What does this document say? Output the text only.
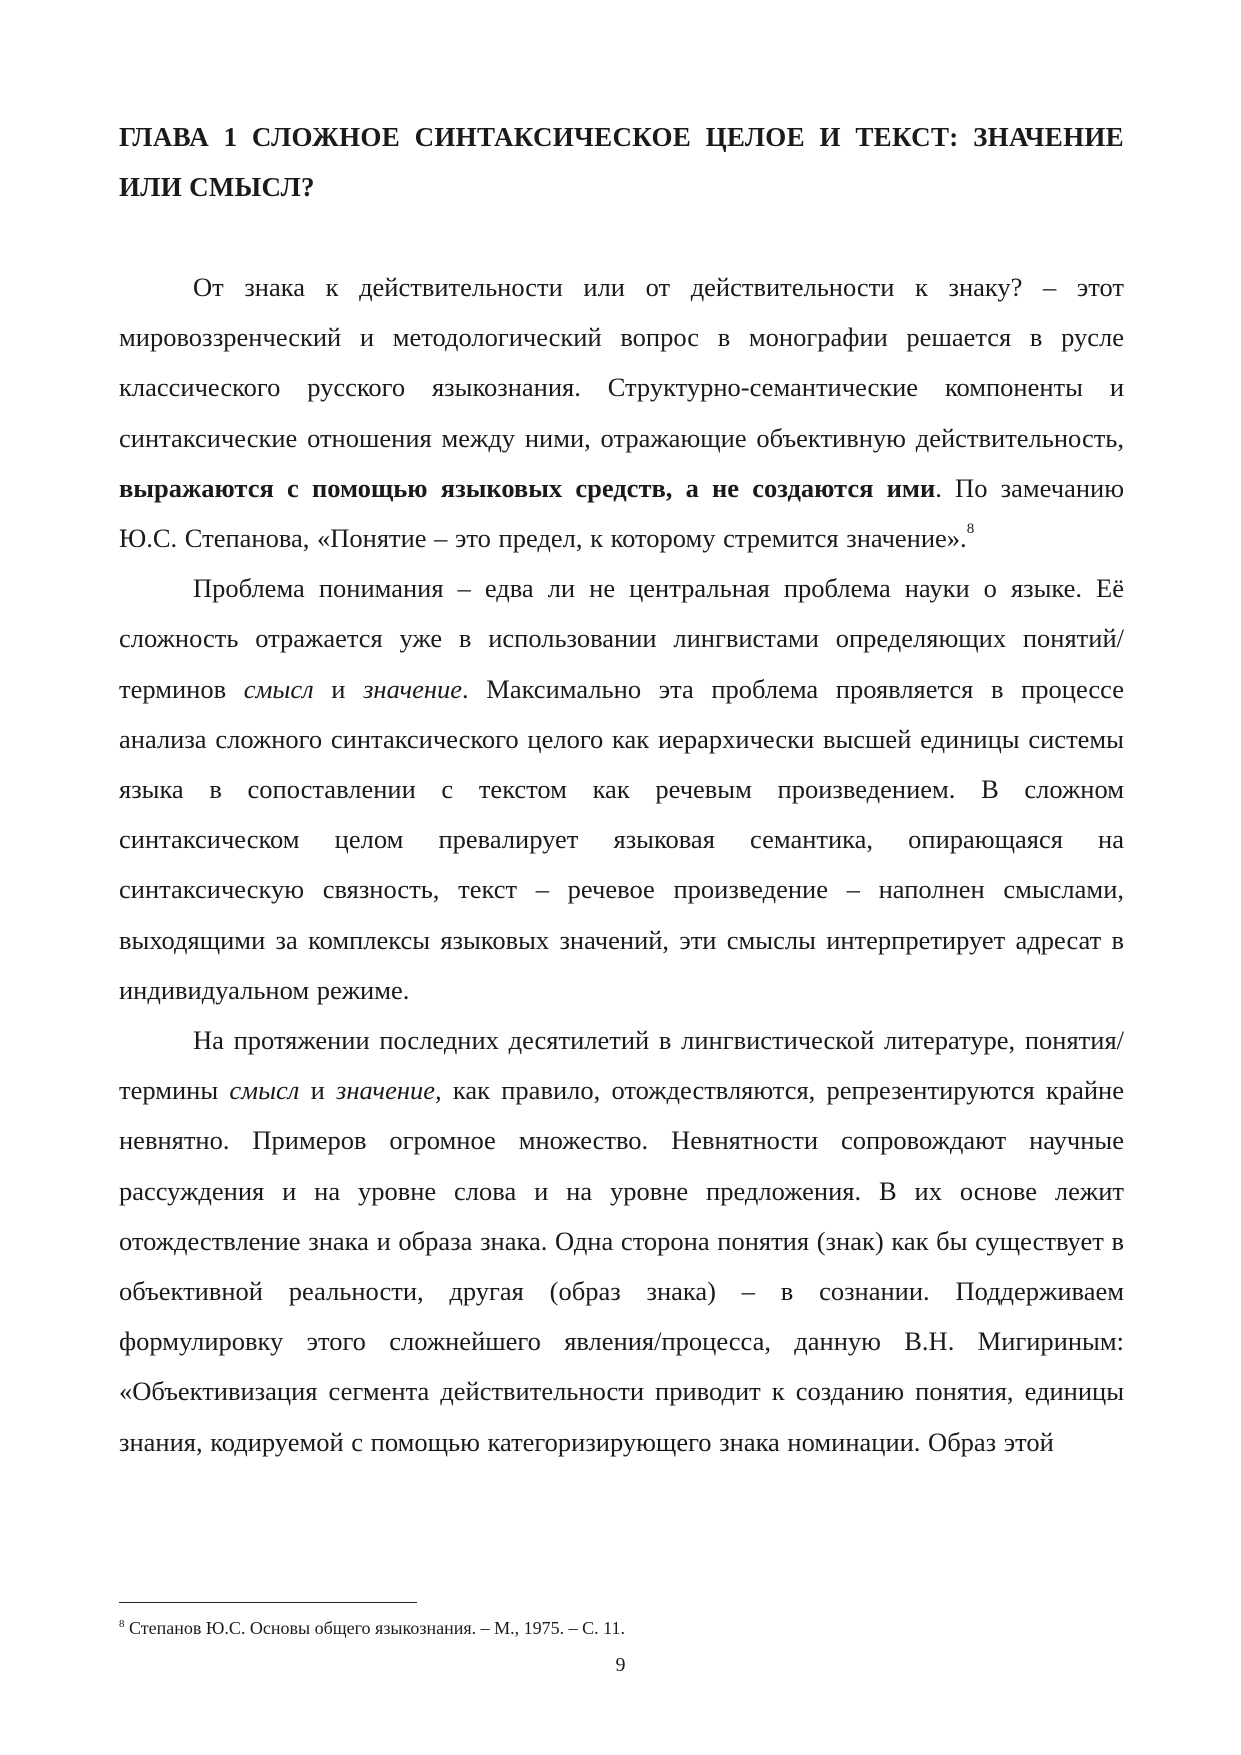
ГЛАВА 1 СЛОЖНОЕ СИНТАКСИЧЕСКОЕ ЦЕЛОЕ И ТЕКСТ: ЗНАЧЕНИЕ ИЛИ СМЫСЛ?

От знака к действительности или от действительности к знаку? – этот мировоззренческий и методологический вопрос в монографии решается в русле классического русского языкознания. Структурно-семантические компоненты и синтаксические отношения между ними, отражающие объективную действительность, выражаются с помощью языковых средств, а не создаются ими. По замечанию Ю.С. Степанова, «Понятие – это предел, к которому стремится значение».$^8$

Проблема понимания – едва ли не центральная проблема науки о языке. Её сложность отражается уже в использовании лингвистами определяющих понятий/терминов смысл и значение. Максимально эта проблема проявляется в процессе анализа сложного синтаксического целого как иерархически высшей единицы системы языка в сопоставлении с текстом как речевым произведением. В сложном синтаксическом целом превалирует языковая семантика, опирающаяся на синтаксическую связность, текст – речевое произведение – наполнен смыслами, выходящими за комплексы языковых значений, эти смыслы интерпретирует адресат в индивидуальном режиме.

На протяжении последних десятилетий в лингвистической литературе, понятия/термины смысл и значение, как правило, отождествляются, репрезентируются крайне невнятно. Примеров огромное множество. Невнятности сопровождают научные рассуждения и на уровне слова и на уровне предложения. В их основе лежит отождествление знака и образа знака. Одна сторона понятия (знак) как бы существует в объективной реальности, другая (образ знака) – в сознании. Поддерживаем формулировку этого сложнейшего явления/процесса, данную В.Н. Мигириным: «Объективизация сегмента действительности приводит к созданию понятия, единицы знания, кодируемой с помощью категоризирующего знака номинации. Образ этой

$^8$ Степанов Ю.С. Основы общего языкознания. – М., 1975. – С. 11.

9
